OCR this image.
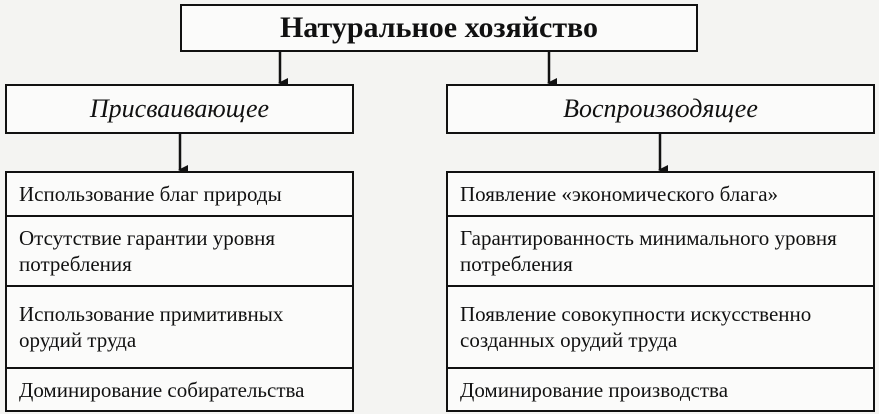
Натуральное хозяйство
Присваивающее	Воспроизводящее
Использование благ природы
Отсутствие гарантии уровня потребления
Использование примитивных орудий труда
Доминирование собирательства
Появление «экономического блага»
Гарантированность минимального уровня потребления
Появление совокупности искусственно созданных орудий труда
Доминирование производства
